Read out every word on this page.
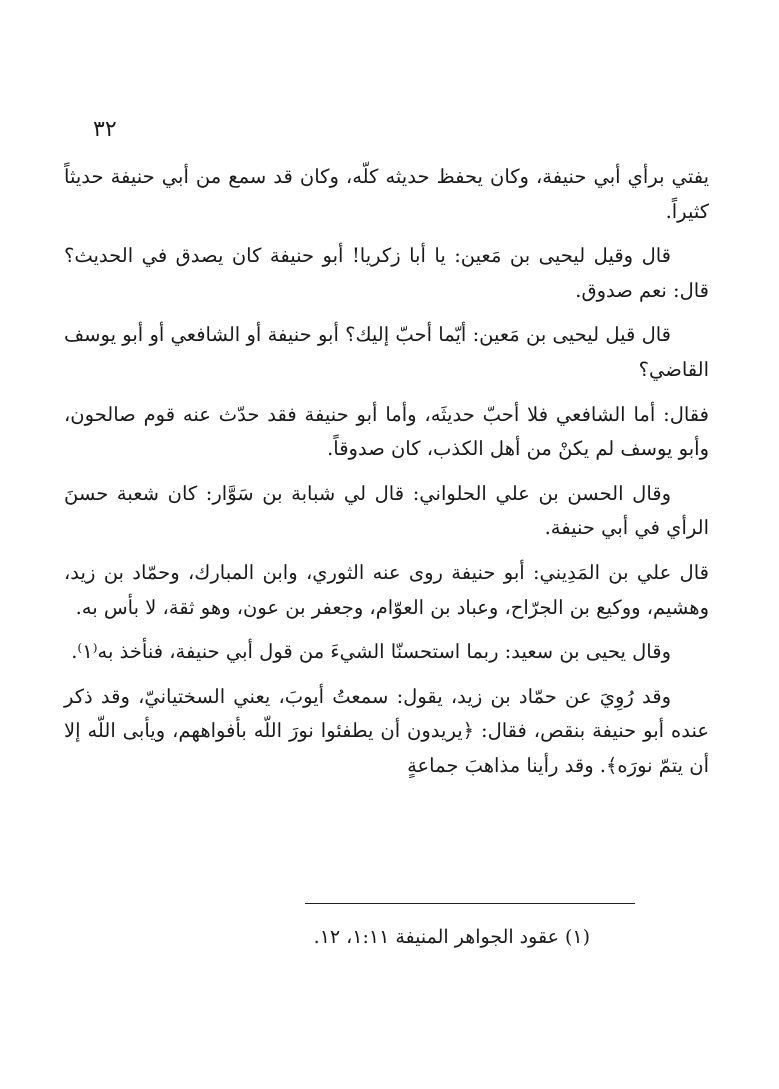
٣٢

يفتي برأي أبي حنيفة، وكان يحفظ حديثه كلّه، وكان قد سمع من أبي حنيفة حديثاً كثيراً.

قال وقيل ليحيى بن مَعين: يا أبا زكريا! أبو حنيفة كان يصدق في الحديث؟ قال: نعم صدوق.

قال قيل ليحيى بن مَعين: أيّما أحبّ إليك؟ أبو حنيفة أو الشافعي أو أبو يوسف القاضي؟

فقال: أما الشافعي فلا أحبّ حديثَه، وأما أبو حنيفة فقد حدّث عنه قوم صالحون، وأبو يوسف لم يكنْ من أهل الكذب، كان صدوقاً.

وقال الحسن بن علي الحلواني: قال لي شبابة بن سَوَّار: كان شعبة حسنَ الرأي في أبي حنيفة.

قال علي بن المَدِيني: أبو حنيفة روى عنه الثوري، وابن المبارك، وحمّاد بن زيد، وهشيم، ووكيع بن الجرّاح، وعباد بن العوّام، وجعفر بن عون، وهو ثقة، لا بأس به.

وقال يحيى بن سعيد: ربما استحسنّا الشيءَ من قول أبي حنيفة، فنأخذ به⁽١⁾.

وقد رُوِيَ عن حمّاد بن زيد، يقول: سمعتُ أيوبَ، يعني السختيانيّ، وقد ذكر عنده أبو حنيفة بنقص، فقال: ﴿يريدون أن يطفئوا نورَ اللّه بأفواههم، ويأبى اللّه إلا أن يتمّ نورَه﴾. وقد رأينا مذاهبَ جماعةٍ

(١) عقود الجواهر المنيفة ١:١١، ١٢.
